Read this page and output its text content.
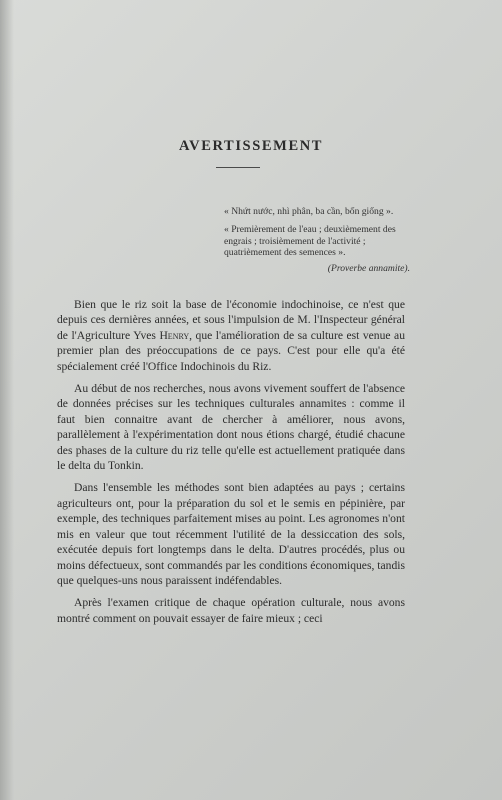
AVERTISSEMENT
« Nhứt nước, nhì phân, ba cần, bốn giống ».
« Premièrement de l'eau ; deuxièmement des engrais ; troisièmement de l'activité ; quatrièmement des semences ».
(Proverbe annamite).

Bien que le riz soit la base de l'économie indochinoise, ce n'est que depuis ces dernières années, et sous l'impulsion de M. l'Inspecteur général de l'Agriculture Yves Henry, que l'amélioration de sa culture est venue au premier plan des préoccupations de ce pays. C'est pour elle qu'a été spécialement créé l'Office Indochinois du Riz.

Au début de nos recherches, nous avons vivement souffert de l'absence de données précises sur les techniques culturales annamites : comme il faut bien connaitre avant de chercher à améliorer, nous avons, parallèlement à l'expérimentation dont nous étions chargé, étudié chacune des phases de la culture du riz telle qu'elle est actuellement pratiquée dans le delta du Tonkin.

Dans l'ensemble les méthodes sont bien adaptées au pays ; certains agriculteurs ont, pour la préparation du sol et le semis en pépinière, par exemple, des techniques parfaitement mises au point. Les agronomes n'ont mis en valeur que tout récemment l'utilité de la dessiccation des sols, exécutée depuis fort longtemps dans le delta. D'autres procédés, plus ou moins défectueux, sont commandés par les conditions économiques, tandis que quelques-uns nous paraissent indéfendables.

Après l'examen critique de chaque opération culturale, nous avons montré comment on pouvait essayer de faire mieux ; ceci
